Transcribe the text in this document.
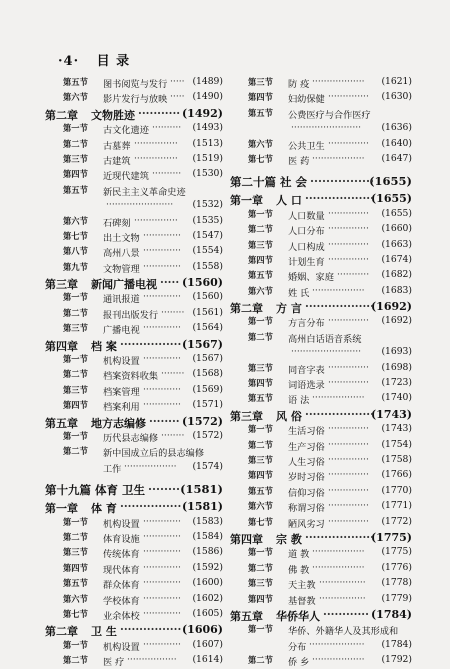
·4· 目 录
第五节 图书阅览与发行	(1489)
·····
第六节 影片发行与放映	(1490)
·····
第二章 文物胜迹	(1492)
···········
第一节 古文化遗迹	(1493)
··········
第二节 古墓葬	(1513)
···············
第三节 古建筑	(1519)
···············
第四节 近现代建筑	(1530)
··········
第五节 新民主主义革命史迹
(1532)
·······················
第六节 石碑刻	(1535)
···············
第七节 出土文物	(1547)
·············
第八节 高州八景	(1554)
·············
第九节 文物管理	(1558)
·············
第三章 新闻广播电视 (1560)
·····
第一节 通讯报道	(1560)
·············
第二节 报刊出版发行	(1561)
········
第三节 广播电视	(1564)
·············
第四章 档 案	(1567)
················
第一节 机构设置	(1567)
·············
第二节 档案资料收集	(1568)
········
第三节 档案管理	(1569)
·············
第四节 档案利用	(1571)
·············
第五章 地方志编修	(1572)
········
第一节 历代县志编修	(1572)
········
第二节 新中国成立后的县志编修
工作	(1574)
··················
第十九篇 体育 卫生	(1581)
········
第一章 体 育	(1581)
················
第一节 机构设置	(1583)
·············
第二节 体育设施	(1584)
·············
第三节 传统体育	(1586)
·············
第四节 现代体育	(1592)
·············
第五节 群众体育	(1600)
·············
第六节 学校体育	(1602)
·············
第七节 业余体校	(1605)
·············
第二章 卫 生	(1606)
················
第一节 机构设置	(1607)
·············
第二节 医 疗	(1614)
·················
第三节 防 疫	(1621)
··················
第四节 妇幼保健	(1630)
··············
第五节 公费医疗与合作医疗
(1636)
························
第六节 公共卫生	(1640)
··············
第七节 医 药	(1647)
··················
第二十篇 社 会	(1655)
················
第一章 人 口	(1655)
··················
第一节 人口数量	(1655)
··············
第二节 人口分布	(1660)
··············
第三节 人口构成	(1663)
··············
第四节 计划生育	(1674)
··············
第五节 婚姻、家庭	(1682)
···········
第六节 姓 氏	(1683)
··················
第二章 方 言	(1692)
··················
第一节 方言分布	(1692)
··············
第二节 高州白话语音系统
(1693)
························
第三节 同音字表	(1698)
··············
第四节 词语选录	(1723)
··············
第五节 语 法	(1740)
··················
第三章 风 俗	(1743)
··················
第一节 生活习俗	(1743)
··············
第二节 生产习俗	(1754)
··············
第三节 人生习俗	(1758)
··············
第四节 岁时习俗	(1766)
··············
第五节 信仰习俗	(1770)
··············
第六节 称谓习俗	(1771)
··············
第七节 陋风劣习	(1772)
··············
第四章 宗 教	(1775)
··················
第一节 道 教	(1775)
··················
第二节 佛 教	(1776)
··················
第三节 天主教	(1778)
················
第四节 基督教	(1779)
················
第五章 华侨华人	(1784)
············
第一节 华侨、外籍华人及其形成和
分布	(1784)
···················
第二节 侨 乡	(1792)
··················
